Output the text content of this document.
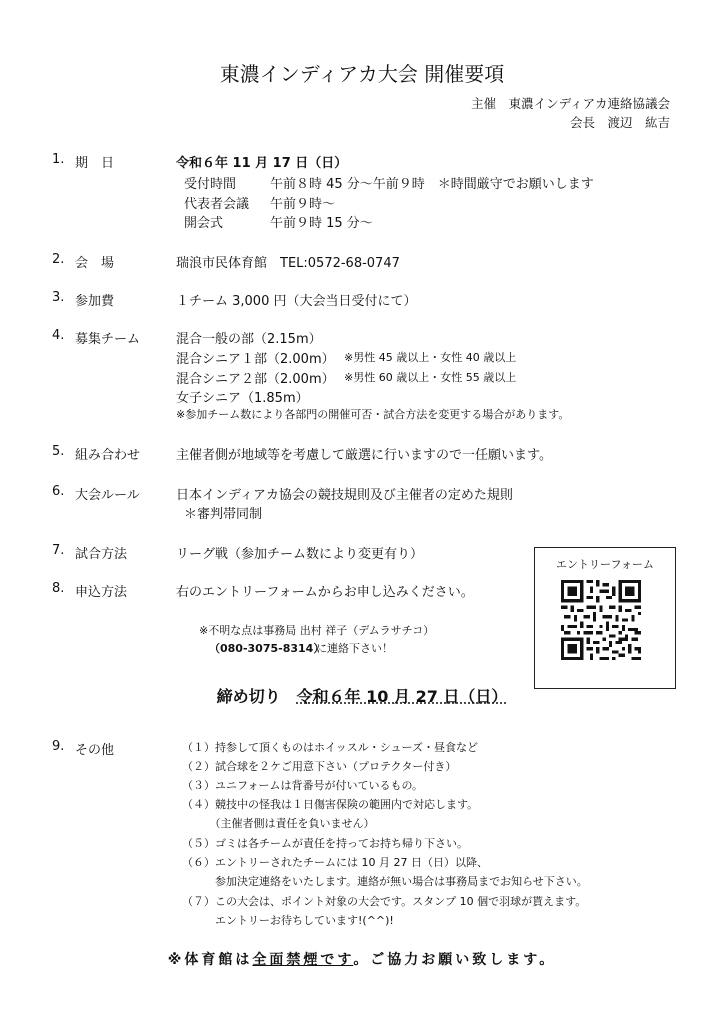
東濃インディアカ大会 開催要項
主催　東濃インディアカ連絡協議会
会長　渡辺　紘吉
1. 期　日	令和６年 11 月 17 日（日）
受付時間	午前８時 45 分～午前９時　＊時間厳守でお願いします
代表者会議 午前９時～
開会式	午前９時 15 分～
2. 会　場	瑞浪市民体育館　TEL:0572-68-0747
3. 参加費	１チーム 3,000 円（大会当日受付にて）
4. 募集チーム	混合一般の部（2.15m）
混合シニア１部（2.00m） ※男性 45 歳以上・女性 40 歳以上
混合シニア２部（2.00m） ※男性 60 歳以上・女性 55 歳以上
女子シニア（1.85m）
※参加チーム数により各部門の開催可否・試合方法を変更する場合があります。
5. 組み合わせ	主催者側が地域等を考慮して厳選に行いますので一任願います。
6. 大会ルール	日本インディアカ協会の競技規則及び主催者の定めた規則
＊審判帯同制
7. 試合方法	リーグ戦（参加チーム数により変更有り）
8. 申込方法	右のエントリーフォームからお申し込みください。
※不明な点は事務局 出村 祥子（デムラサチコ）
（080-3075-8314）
に連絡下さい！
エントリーフォーム
締め切り　 令和６年 10 月 27 日（日）
9. その他	（１）持参して頂くものはホイッスル・シューズ・昼食など
（２）試合球を２ケご用意下さい（プロテクター付き）
（３）ユニフォームは背番号が付いているもの。
（４）競技中の怪我は１日傷害保険の範囲内で対応します。
　　　（主催者側は責任を負いません）
（５）ゴミは各チームが責任を持ってお持ち帰り下さい。
（６）エントリーされたチームには 10 月 27 日（日）以降、
　　　参加決定連絡をいたします。連絡が無い場合は事務局までお知らせ下さい。
（７）この大会は、ポイント対象の大会です。スタンプ 10 個で羽球が貰えます。
　　　エントリーお待ちしています!(^^)!
※体育館は全面禁煙です。ご協力お願い致します。
